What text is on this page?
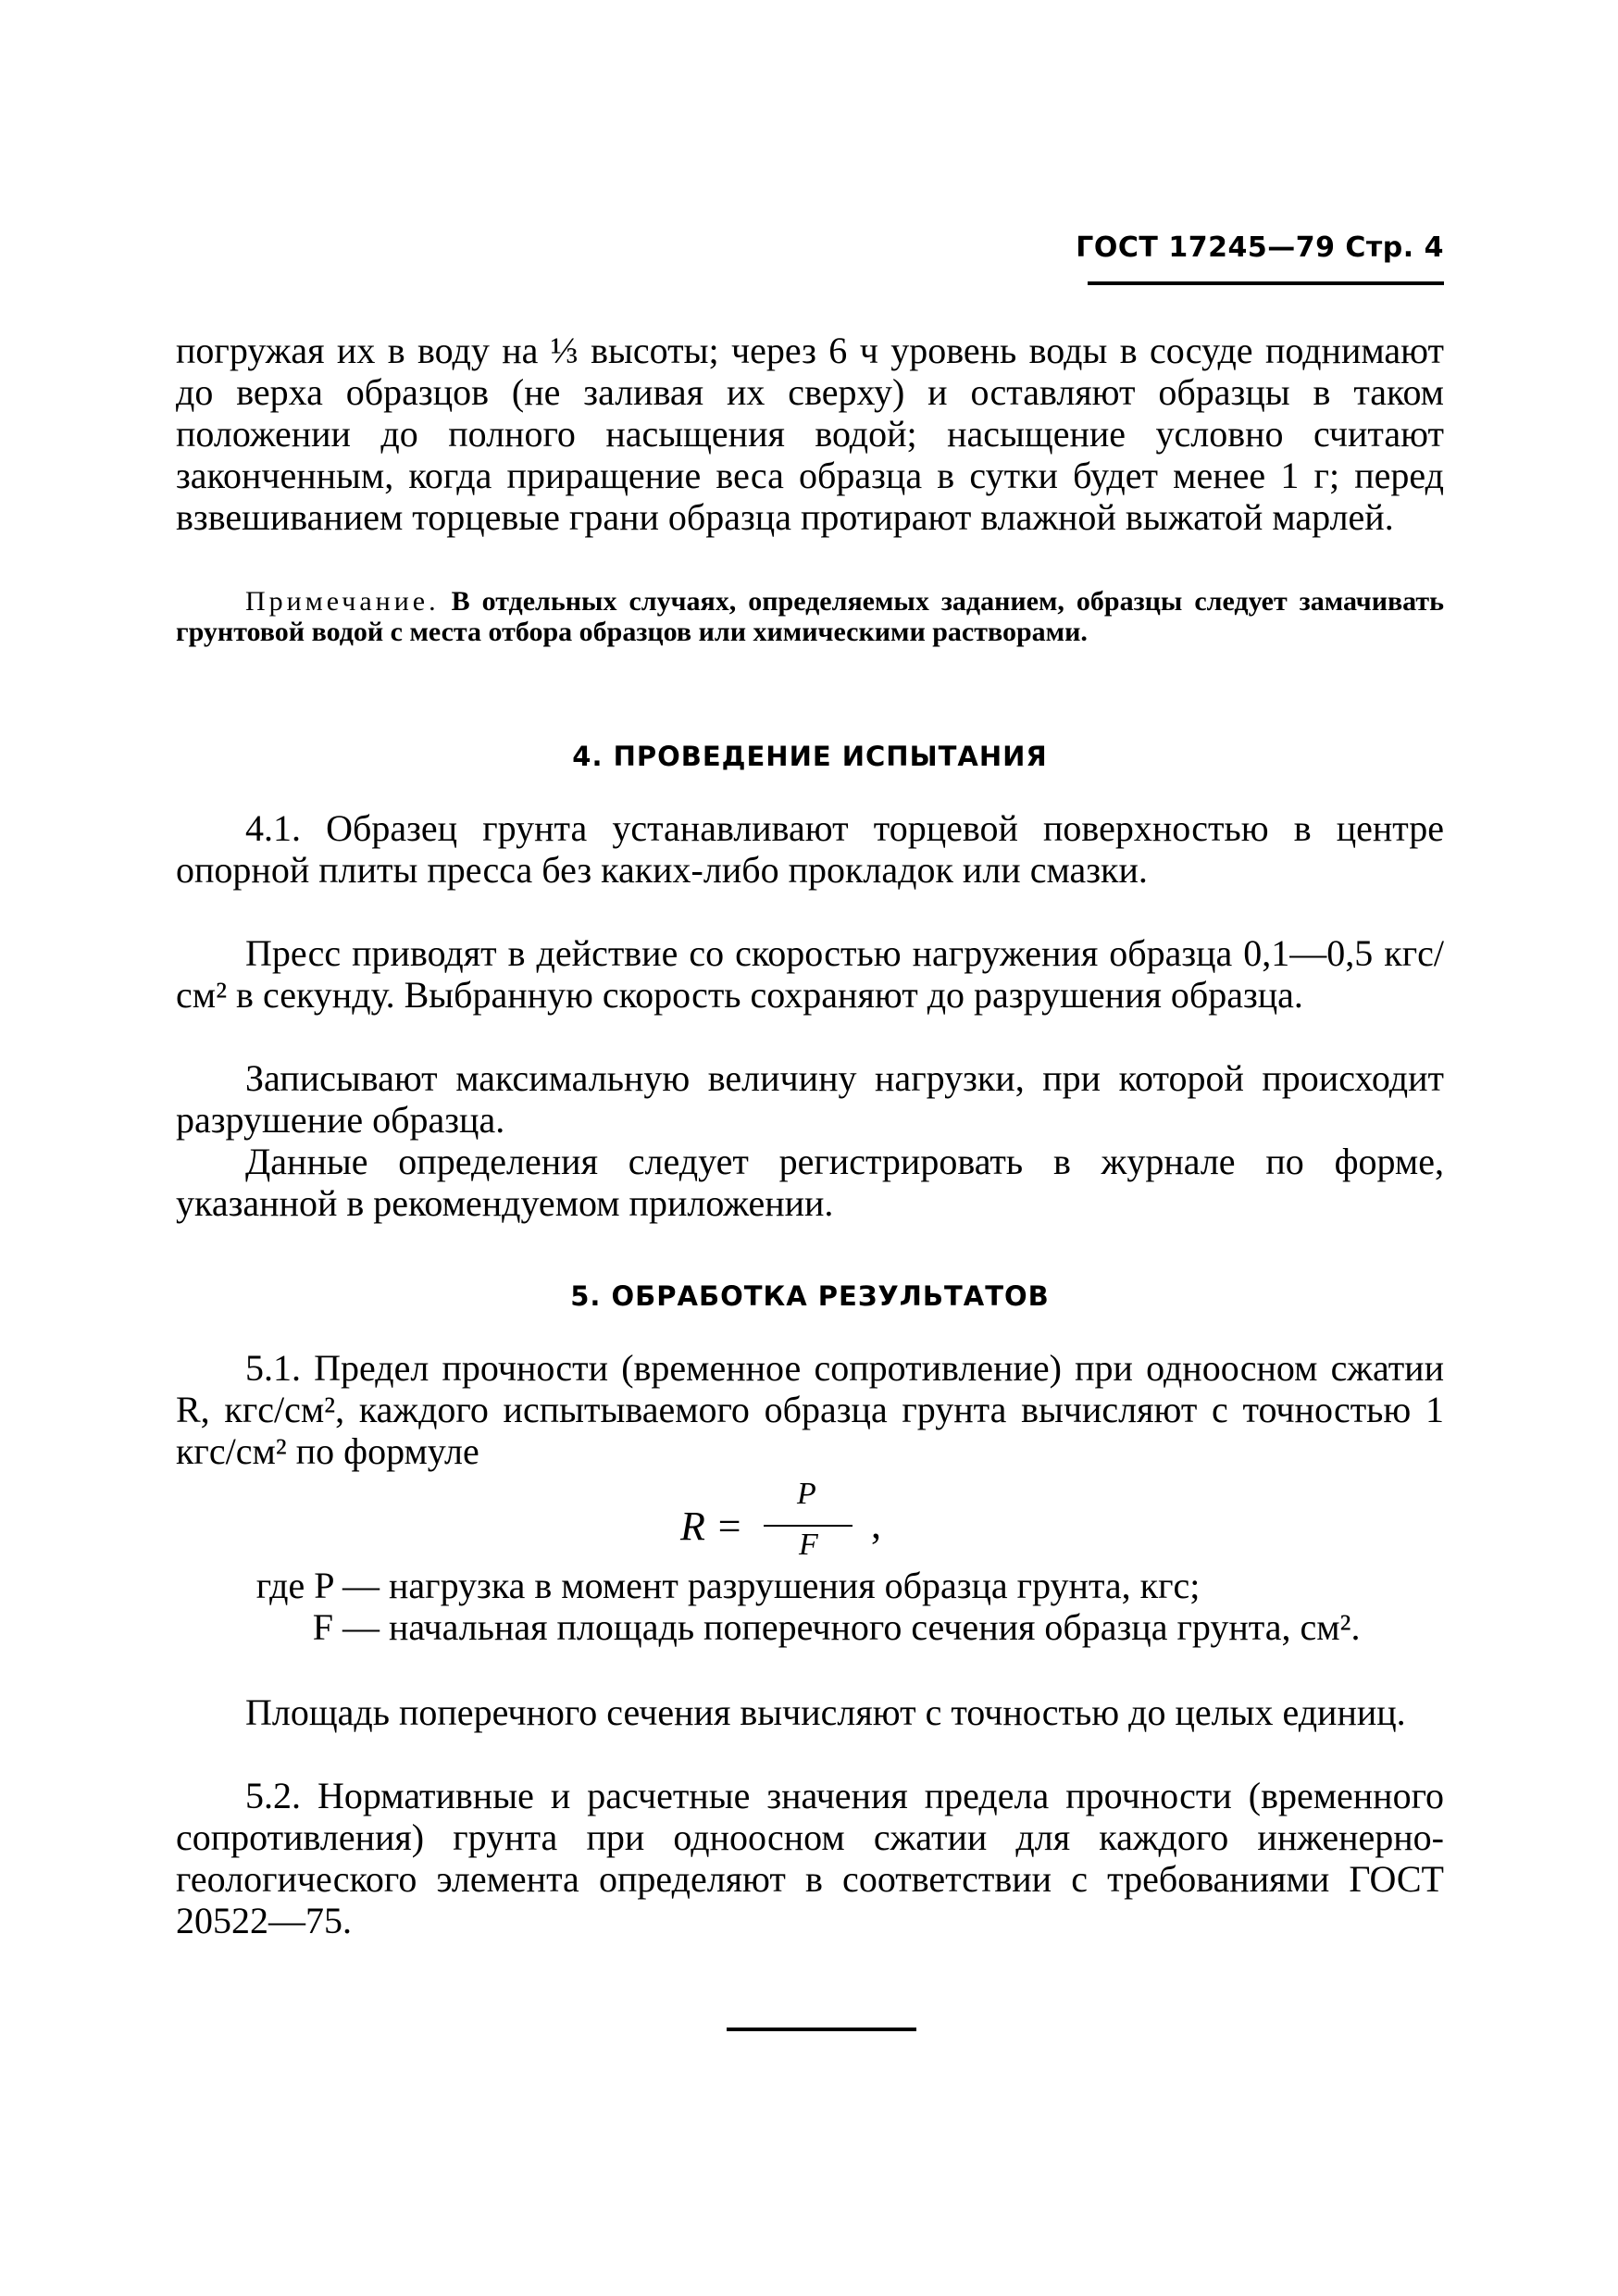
ГОСТ 17245—79 Стр. 4
погружая их в воду на ⅓ высоты; через 6 ч уровень воды в сосуде поднимают до верха образцов (не заливая их сверху) и оставляют образцы в таком положении до полного насыщения водой; насыщение условно считают законченным, когда приращение веса образца в сутки будет менее 1 г; перед взвешиванием торцевые грани образца протирают влажной выжатой марлей.
Примечание. В отдельных случаях, определяемых заданием, образцы следует замачивать грунтовой водой с места отбора образцов или химическими растворами.
4. ПРОВЕДЕНИЕ ИСПЫТАНИЯ
4.1. Образец грунта устанавливают торцевой поверхностью в центре опорной плиты пресса без каких-либо прокладок или смазки.
Пресс приводят в действие со скоростью нагружения образца 0,1—0,5 кгс/см² в секунду. Выбранную скорость сохраняют до разрушения образца.
Записывают максимальную величину нагрузки, при которой происходит разрушение образца.
Данные определения следует регистрировать в журнале по форме, указанной в рекомендуемом приложении.
5. ОБРАБОТКА РЕЗУЛЬТАТОВ
5.1. Предел прочности (временное сопротивление) при одноосном сжатии R, кгс/см², каждого испытываемого образца грунта вычисляют с точностью 1 кгс/см² по формуле
R =
P
F ,
где P — нагрузка в момент разрушения образца грунта, кгс;
F — начальная площадь поперечного сечения образца грунта, см².
Площадь поперечного сечения вычисляют с точностью до целых единиц.
5.2. Нормативные и расчетные значения предела прочности (временного сопротивления) грунта при одноосном сжатии для каждого инженерно-геологического элемента определяют в соответствии с требованиями ГОСТ 20522—75.
